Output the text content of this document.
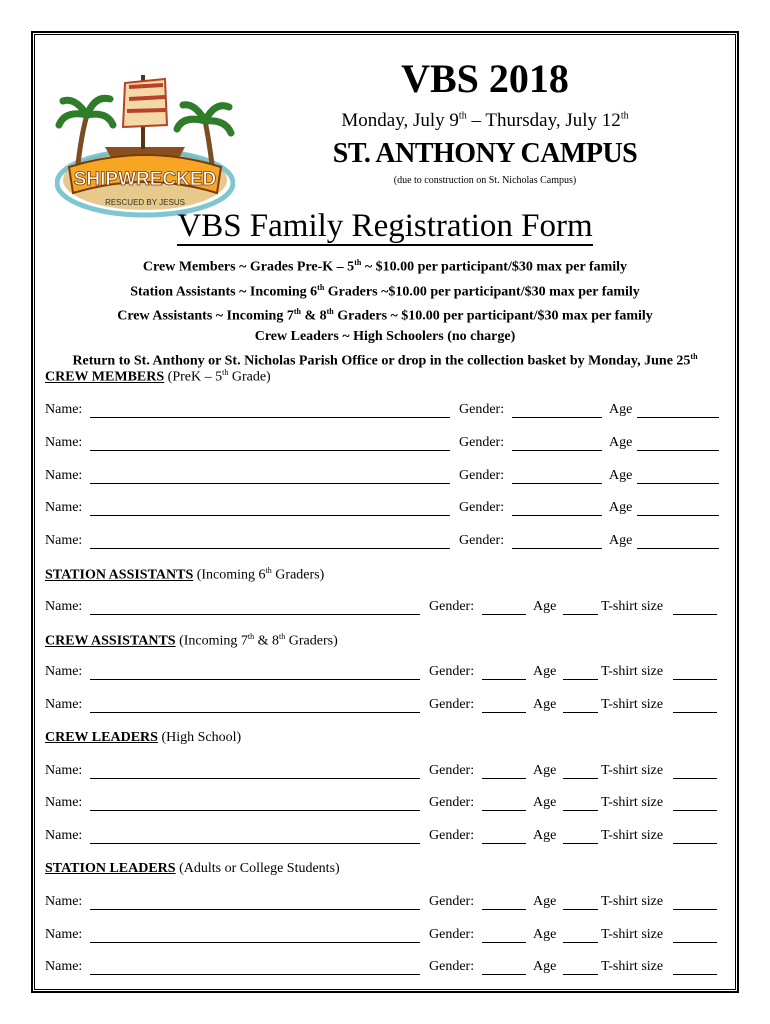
SHIPWRECKED
RESCUED BY JESUS
VBS 2018
Monday, July 9th – Thursday, July 12th
ST. ANTHONY CAMPUS
(due to construction on St. Nicholas Campus)
VBS Family Registration Form
Crew Members ~ Grades Pre-K – 5th ~ $10.00 per participant/$30 max per family
Station Assistants ~ Incoming 6th Graders ~$10.00 per participant/$30 max per family
Crew Assistants ~ Incoming 7th & 8th Graders ~ $10.00 per participant/$30 max per family
Crew Leaders ~ High Schoolers (no charge)
Return to St. Anthony or St. Nicholas Parish Office or drop in the collection basket by Monday, June 25th
CREW MEMBERS (PreK – 5th Grade)
STATION ASSISTANTS (Incoming 6th Graders)
CREW ASSISTANTS (Incoming 7th & 8th Graders)
CREW LEADERS (High School)
STATION LEADERS (Adults or College Students)
Name:	Gender:	Age
Name:	Gender:	Age
Name:	Gender:	Age
Name:	Gender:	Age
Name:	Gender:	Age
Name:	Gender:	Age	T-shirt size
Name:	Gender:	Age	T-shirt size
Name:	Gender:	Age	T-shirt size
Name:	Gender:	Age	T-shirt size
Name:	Gender:	Age	T-shirt size
Name:	Gender:	Age	T-shirt size
Name:	Gender:	Age	T-shirt size
Name:	Gender:	Age	T-shirt size
Name:	Gender:	Age	T-shirt size
